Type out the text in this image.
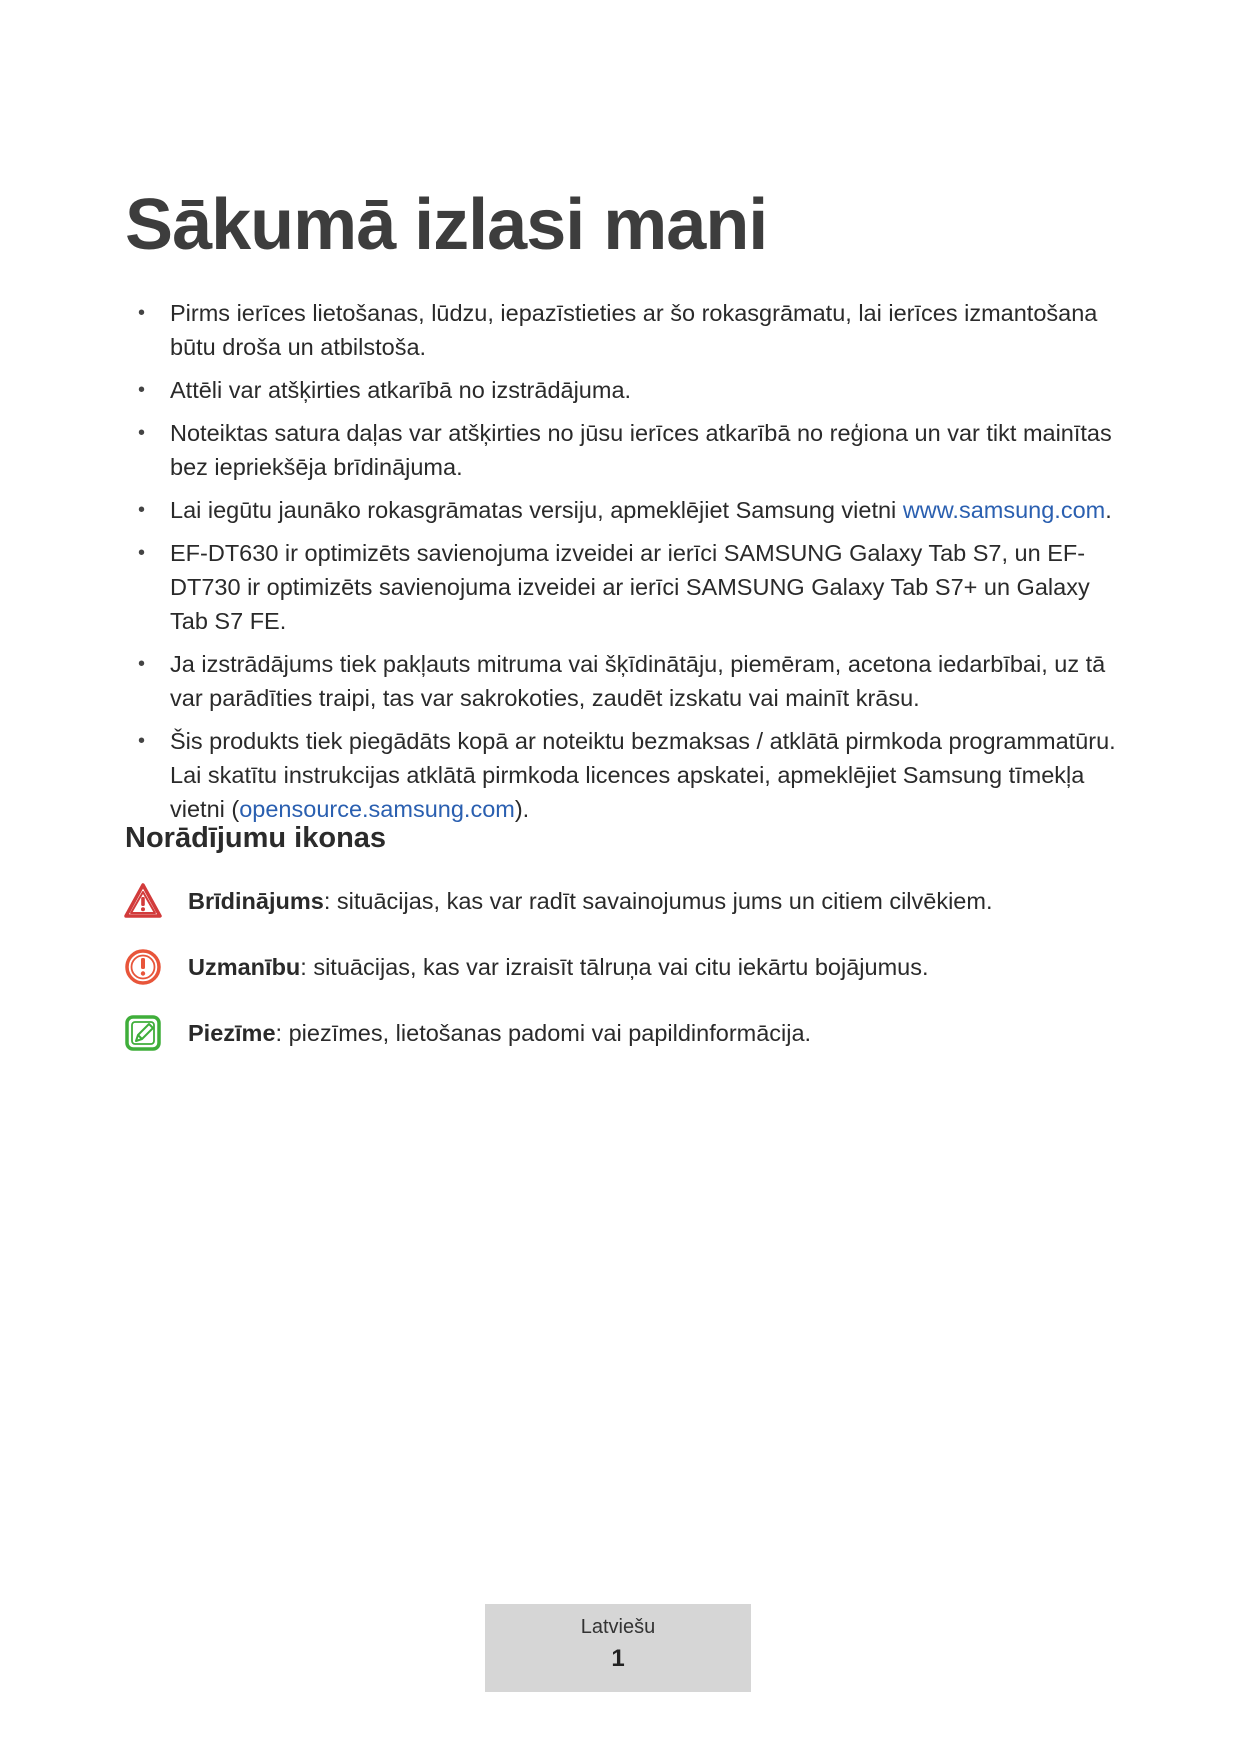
Sākumā izlasi mani
• Pirms ierīces lietošanas, lūdzu, iepazīstieties ar šo rokasgrāmatu, lai ierīces izmantošana būtu droša un atbilstoša.
• Attēli var atšķirties atkarībā no izstrādājuma.
• Noteiktas satura daļas var atšķirties no jūsu ierīces atkarībā no reģiona un var tikt mainītas bez iepriekšēja brīdinājuma.
• Lai iegūtu jaunāko rokasgrāmatas versiju, apmeklējiet Samsung vietni www.samsung.com.
• EF-DT630 ir optimizēts savienojuma izveidei ar ierīci SAMSUNG Galaxy Tab S7, un EF-DT730 ir optimizēts savienojuma izveidei ar ierīci SAMSUNG Galaxy Tab S7+ un Galaxy Tab S7 FE.
• Ja izstrādājums tiek pakļauts mitruma vai šķīdinātāju, piemēram, acetona iedarbībai, uz tā var parādīties traipi, tas var sakrokoties, zaudēt izskatu vai mainīt krāsu.
• Šis produkts tiek piegādāts kopā ar noteiktu bezmaksas / atklātā pirmkoda programmatūru. Lai skatītu instrukcijas atklātā pirmkoda licences apskatei, apmeklējiet Samsung tīmekļa vietni (opensource.samsung.com).
Norādījumu ikonas
Brīdinājums: situācijas, kas var radīt savainojumus jums un citiem cilvēkiem.
Uzmanību: situācijas, kas var izraisīt tālruņa vai citu iekārtu bojājumus.
Piezīme: piezīmes, lietošanas padomi vai papildinformācija.
Latviešu
1
